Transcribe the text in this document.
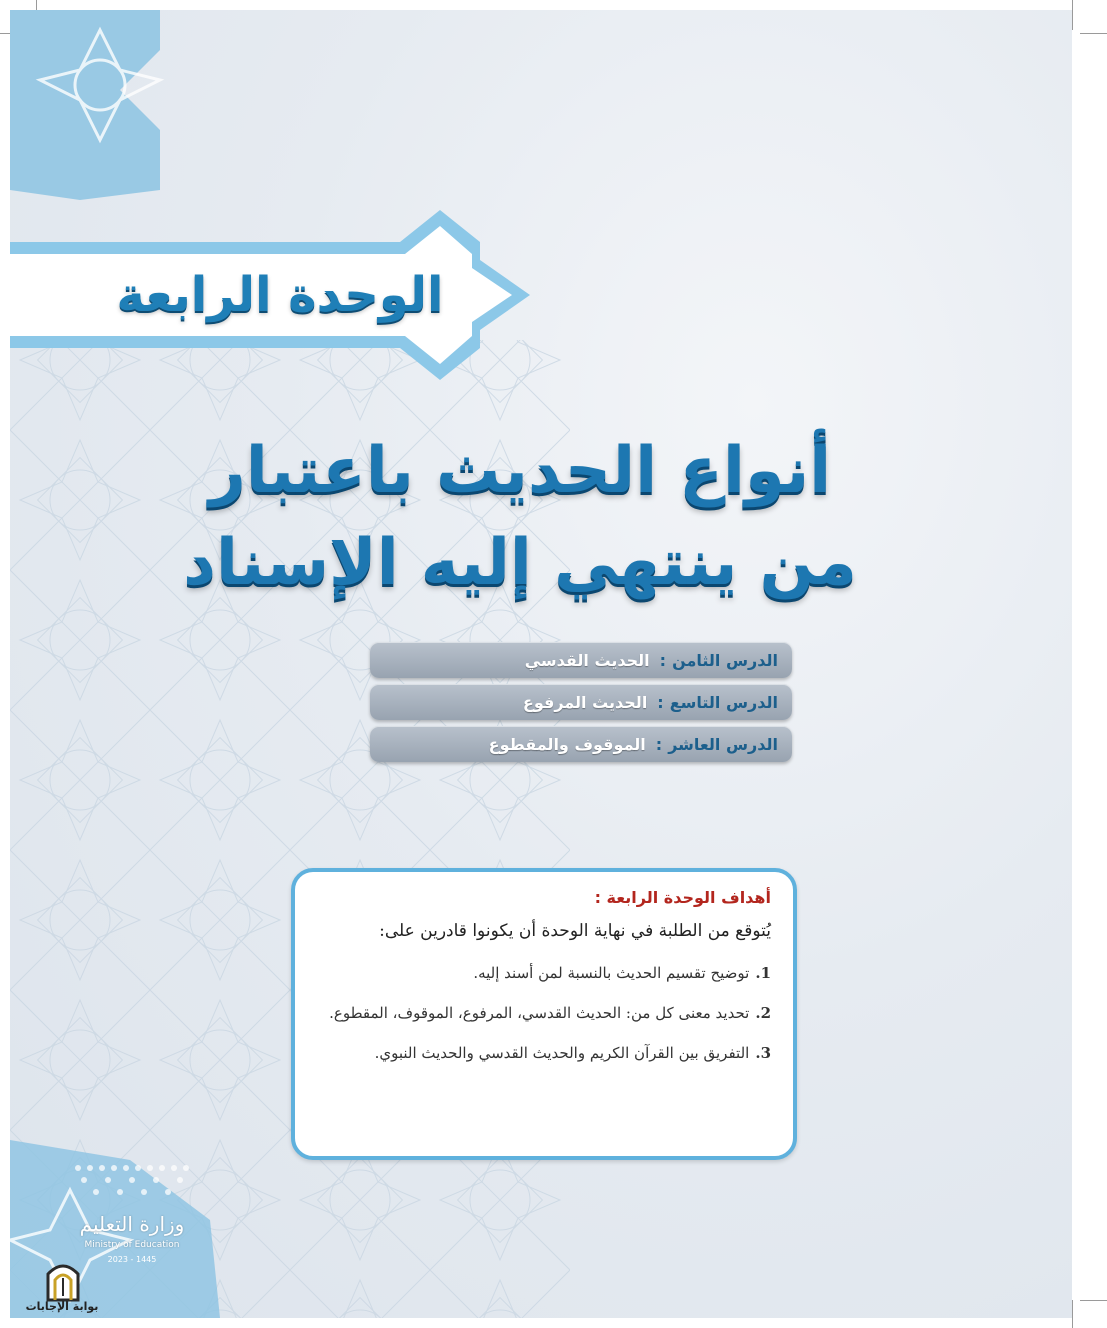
الوحدة الرابعة
أنواع الحديث باعتبار
من ينتهي إليه الإسناد
الدرس الثامن
:
الحديث القدسي
الدرس التاسع
:
الحديث المرفوع
الدرس العاشر
:
الموقوف والمقطوع
أهداف الوحدة الرابعة :
يُتوقع من الطلبة في نهاية الوحدة أن يكونوا قادرين على:
1.
توضيح تقسيم الحديث بالنسبة لمن أسند إليه.
2.
تحديد معنى كل من: الحديث القدسي، المرفوع، الموقوف، المقطوع.
3.
التفريق بين القرآن الكريم والحديث القدسي والحديث النبوي.
وزارة التعليم
Ministry of Education
2023 - 1445
بوابة الإجابات
